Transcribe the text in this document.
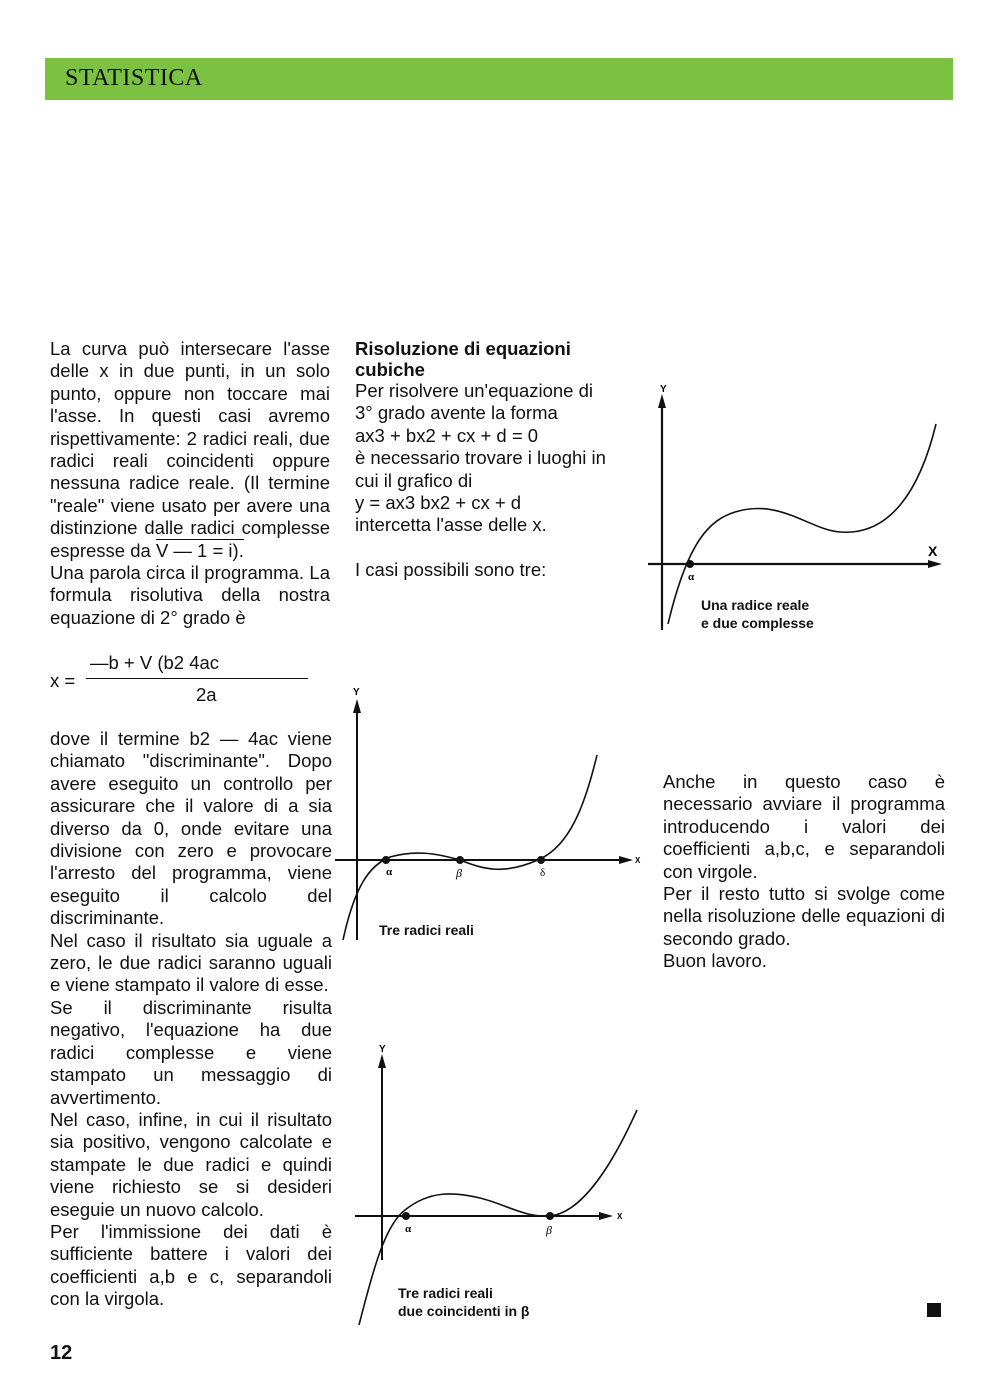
STATISTICA

La curva può intersecare l'asse delle x in due punti, in un solo punto, oppure non toccare mai l'asse. In questi casi avremo rispettivamente: 2 radici reali, due radici reali coincidenti oppure nessuna radice reale. (Il termine "reale" viene usato per avere una distinzione dalle radici complesse espresse da V — 1 = i).

Una parola circa il programma. La formula risolutiva della nostra equazione di 2° grado è

x =
—b + V (b2 4ac
2a

dove il termine b2 — 4ac viene chiamato "discriminante". Dopo avere eseguito un controllo per assicurare che il valore di a sia diverso da 0, onde evitare una divisione con zero e provocare l'arresto del programma, viene eseguito il calcolo del discriminante.

Nel caso il risultato sia uguale a zero, le due radici saranno uguali e viene stampato il valore di esse.

Se il discriminante risulta negativo, l'equazione ha due radici complesse e viene stampato un messaggio di avvertimento.

Nel caso, infine, in cui il risultato sia positivo, vengono calcolate e stampate le due radici e quindi viene richiesto se si desideri eseguie un nuovo calcolo.

Per l'immissione dei dati è sufficiente battere i valori dei coefficienti a,b e c, separandoli con la virgola.

Risoluzione di equazioni cubiche

Per risolvere un'equazione di

3° grado avente la forma

ax3 + bx2 + cx + d = 0

è necessario trovare i luoghi in

cui il grafico di

y = ax3 bx2 + cx + d

intercetta l'asse delle x.

I casi possibili sono tre:

Anche in questo caso è necessario avviare il programma introducendo i valori dei coefficienti a,b,c, e separandoli con virgole.

Per il resto tutto si svolge come nella risoluzione delle equazioni di secondo grado.

Buon lavoro.

Y
X
α
Una radice reale
e due complesse
Y
X
α	β	δ
Tre radici reali
Y
X
α	β
Tre radici reali
due coincidenti in β
12
